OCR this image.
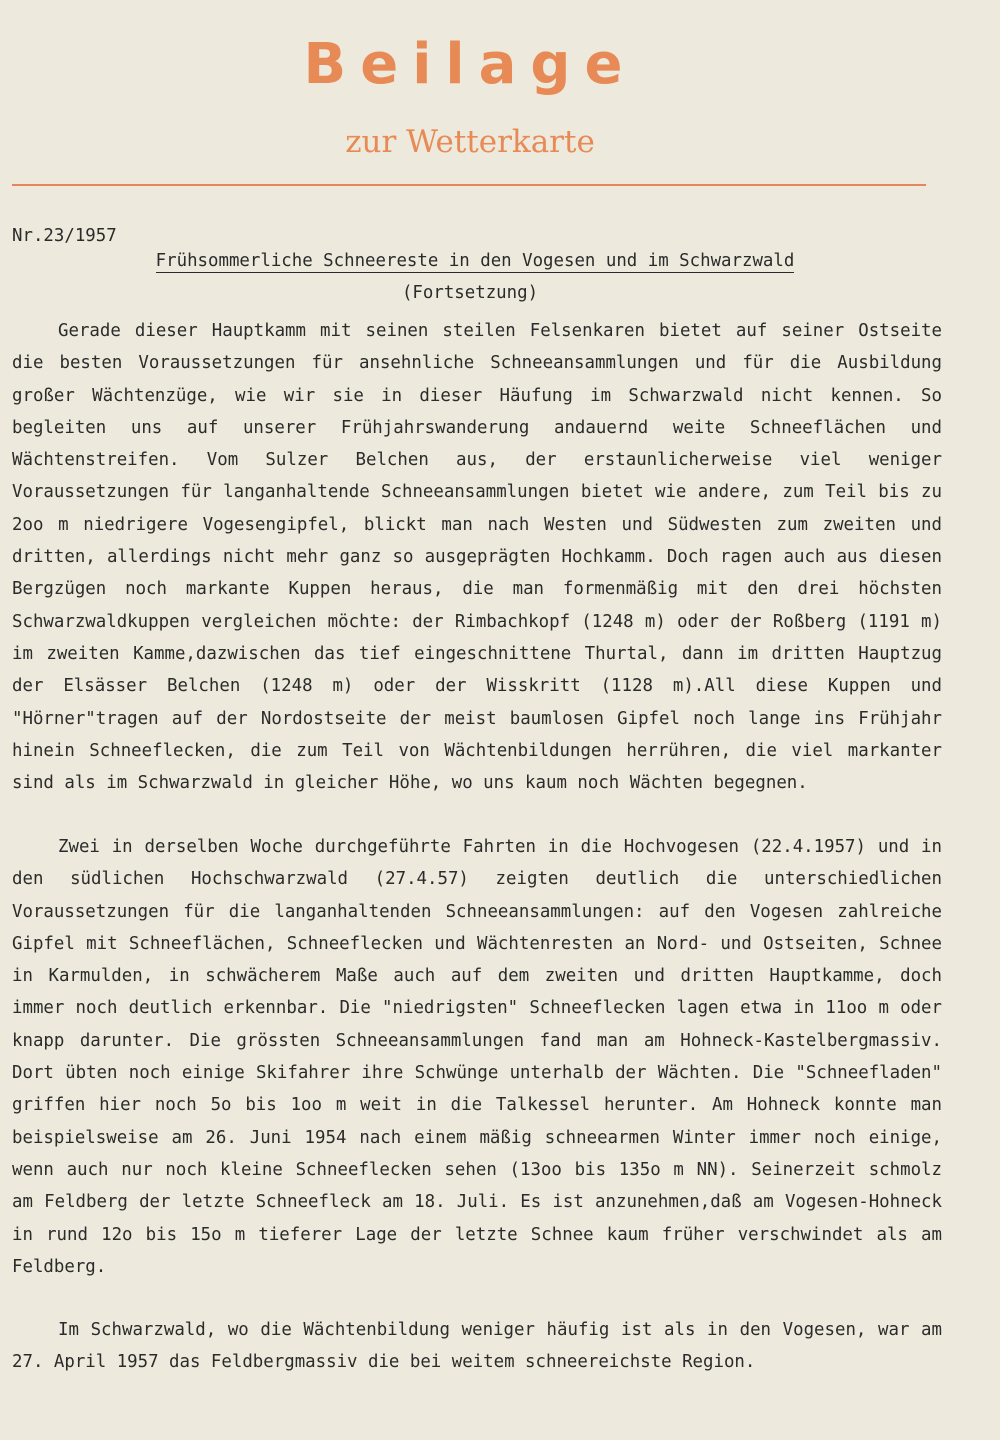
Beilage
zur Wetterkarte
Nr.23/1957
Frühsommerliche Schneereste in den Vogesen und im Schwarzwald
(Fortsetzung)

Gerade dieser Hauptkamm mit seinen steilen Felsenkaren bietet auf seiner Ostseite die besten Voraussetzungen für ansehnliche Schneeansammlungen und für die Ausbildung großer Wächtenzüge, wie wir sie in dieser Häufung im Schwarzwald nicht kennen. So begleiten uns auf unserer Frühjahrswanderung andauernd weite Schneeflächen und Wächtenstreifen. Vom Sulzer Belchen aus, der erstaunlicherweise viel weniger Voraussetzungen für langanhaltende Schneeansammlungen bietet wie andere, zum Teil bis zu 2oo m niedrigere Vogesengipfel, blickt man nach Westen und Südwesten zum zweiten und dritten, allerdings nicht mehr ganz so ausgeprägten Hochkamm. Doch ragen auch aus diesen Bergzügen noch markante Kuppen heraus, die man formenmäßig mit den drei höchsten Schwarzwaldkuppen vergleichen möchte: der Rimbachkopf (1248 m) oder der Roßberg (1191 m) im zweiten Kamme,dazwischen das tief eingeschnittene Thurtal, dann im dritten Hauptzug der Elsässer Belchen (1248 m) oder der Wisskritt (1128 m).All diese Kuppen und "Hörner"tragen auf der Nordostseite der meist baumlosen Gipfel noch lange ins Frühjahr hinein Schneeflecken, die zum Teil von Wächtenbildungen herrühren, die viel markanter sind als im Schwarzwald in gleicher Höhe, wo uns kaum noch Wächten begegnen.

Zwei in derselben Woche durchgeführte Fahrten in die Hochvogesen (22.4.1957) und in den südlichen Hochschwarzwald (27.4.57) zeigten deutlich die unterschiedlichen Voraussetzungen für die langanhaltenden Schneeansammlungen: auf den Vogesen zahlreiche Gipfel mit Schneeflächen, Schneeflecken und Wächtenresten an Nord- und Ostseiten, Schnee in Karmulden, in schwächerem Maße auch auf dem zweiten und dritten Hauptkamme, doch immer noch deutlich erkennbar. Die "niedrigsten" Schneeflecken lagen etwa in 11oo m oder knapp darunter. Die grössten Schneeansammlungen fand man am Hohneck-Kastelbergmassiv. Dort übten noch einige Skifahrer ihre Schwünge unterhalb der Wächten. Die "Schneefladen" griffen hier noch 5o bis 1oo m weit in die Talkessel herunter. Am Hohneck konnte man beispielsweise am 26. Juni 1954 nach einem mäßig schneearmen Winter immer noch einige, wenn auch nur noch kleine Schneeflecken sehen (13oo bis 135o m NN). Seinerzeit schmolz am Feldberg der letzte Schneefleck am 18. Juli. Es ist anzunehmen,daß am Vogesen-Hohneck in rund 12o bis 15o m tieferer Lage der letzte Schnee kaum früher verschwindet als am Feldberg.

Im Schwarzwald, wo die Wächtenbildung weniger häufig ist als in den Vogesen, war am 27. April 1957 das Feldbergmassiv die bei weitem schneereichste Region.
